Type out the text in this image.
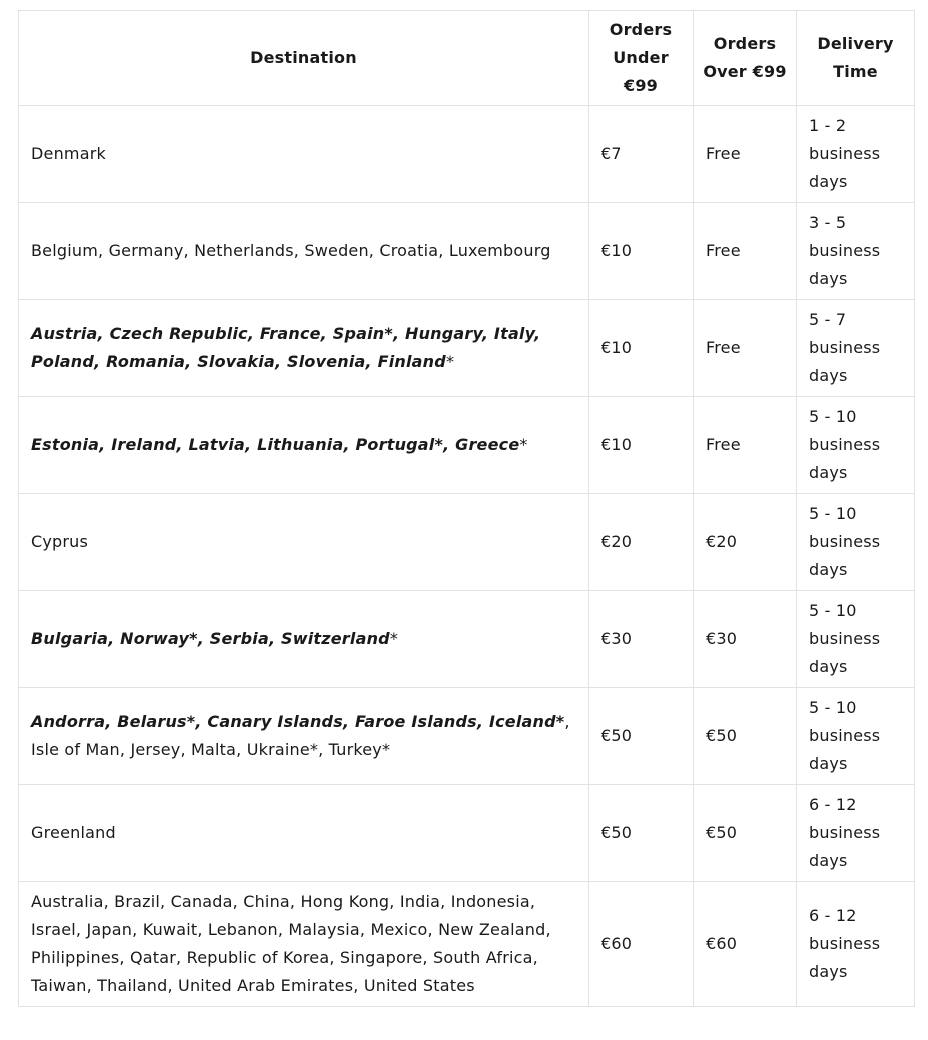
Destination	Orders Under €99	Orders Over €99	Delivery Time
Denmark	€7	Free	1 - 2 business days
Belgium, Germany, Netherlands, Sweden, Croatia, Luxembourg	€10	Free	3 - 5 business days
Austria, Czech Republic, France, Spain*, Hungary, Italy, Poland, Romania, Slovakia, Slovenia, Finland*	€10	Free	5 - 7 business days
Estonia, Ireland, Latvia, Lithuania, Portugal*, Greece*	€10	Free	5 - 10 business days
Cyprus	€20	€20	5 - 10 business days
Bulgaria, Norway*, Serbia, Switzerland*	€30	€30	5 - 10 business days
Andorra, Belarus*, Canary Islands, Faroe Islands, Iceland*, Isle of Man, Jersey, Malta, Ukraine*, Turkey*	€50	€50	5 - 10 business days
Greenland	€50	€50	6 - 12 business days
Australia, Brazil, Canada, China, Hong Kong, India, Indonesia, Israel, Japan, Kuwait, Lebanon, Malaysia, Mexico, New Zealand, Philippines, Qatar, Republic of Korea, Singapore, South Africa, Taiwan, Thailand, United Arab Emirates, United States	€60	€60	6 - 12 business days
